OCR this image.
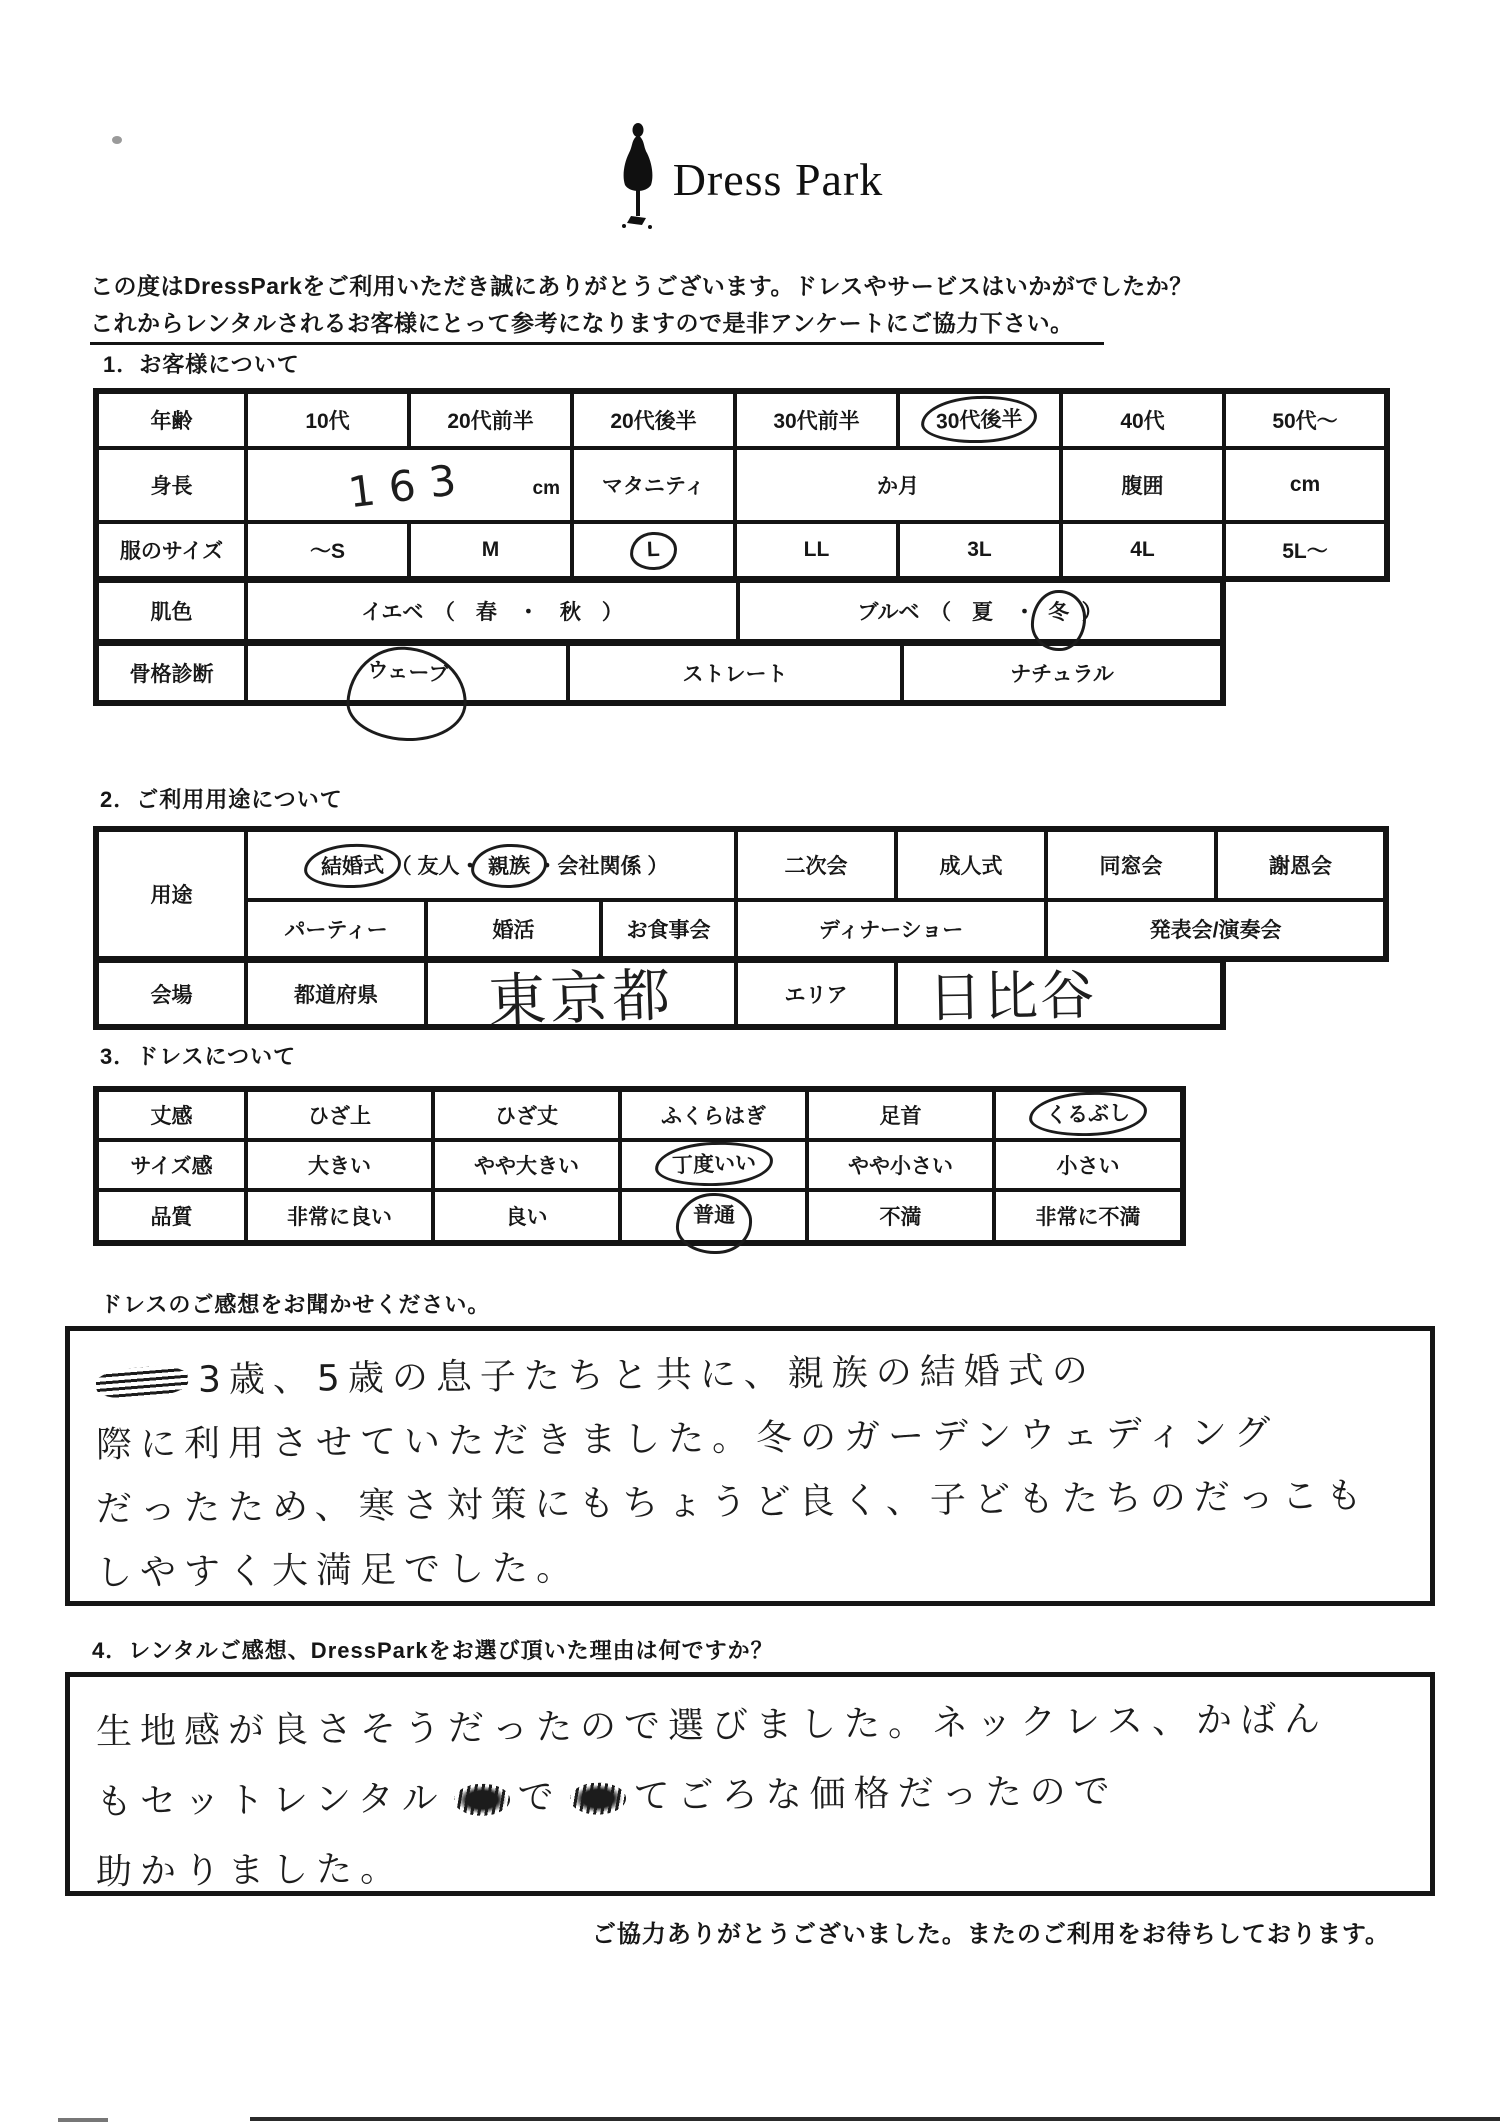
Dress Park
この度はDressParkをご利用いただき誠にありがとうございます。ドレスやサービスはいかがでしたか？
これからレンタルされるお客様にとって参考になりますので是非アンケートにご協力下さい。
1．お客様について
年齢	10代	20代前半	20代後半	30代前半	30代後半	40代	50代～
身長	163 cm		マタニティ	か月		腹囲	cm
服のサイズ	～S	M	L	LL	3L	4L	5L～
肌色	イエベ　（　春　・　秋　）	ブルベ　（　夏　・ 冬 ）
骨格診断	ウェーブ	ストレート	ナチュラル
2．ご利用用途について
用途	結婚式 （ 友人・ 親族 ・会社関係 ）			二次会	成人式	同窓会	謝恩会
	パーティー	婚活	お食事会	ディナーショー		発表会/演奏会	
会場	都道府県	東京都	エリア	日比谷
3．ドレスについて
丈感	ひざ上	ひざ丈	ふくらはぎ	足首	くるぶし
サイズ感	大きい	やや大きい	丁度いい	やや小さい	小さい
品質	非常に良い	良い	普通	不満	非常に不満
ドレスのご感想をお聞かせください。
3歳、5歳の息子たちと共に、親族の結婚式の
際に利用させていただきました。冬のガーデンウェディング
だったため、寒さ対策にもちょうど良く、子どもたちのだっこも
しやすく大満足でした。
4．レンタルご感想、DressParkをお選び頂いた理由は何ですか？
生地感が良さそうだったので選びました。ネックレス、かばん
もセットレンタル で てごろな価格だったので
助かりました。
ご協力ありがとうございました。またのご利用をお待ちしております。
